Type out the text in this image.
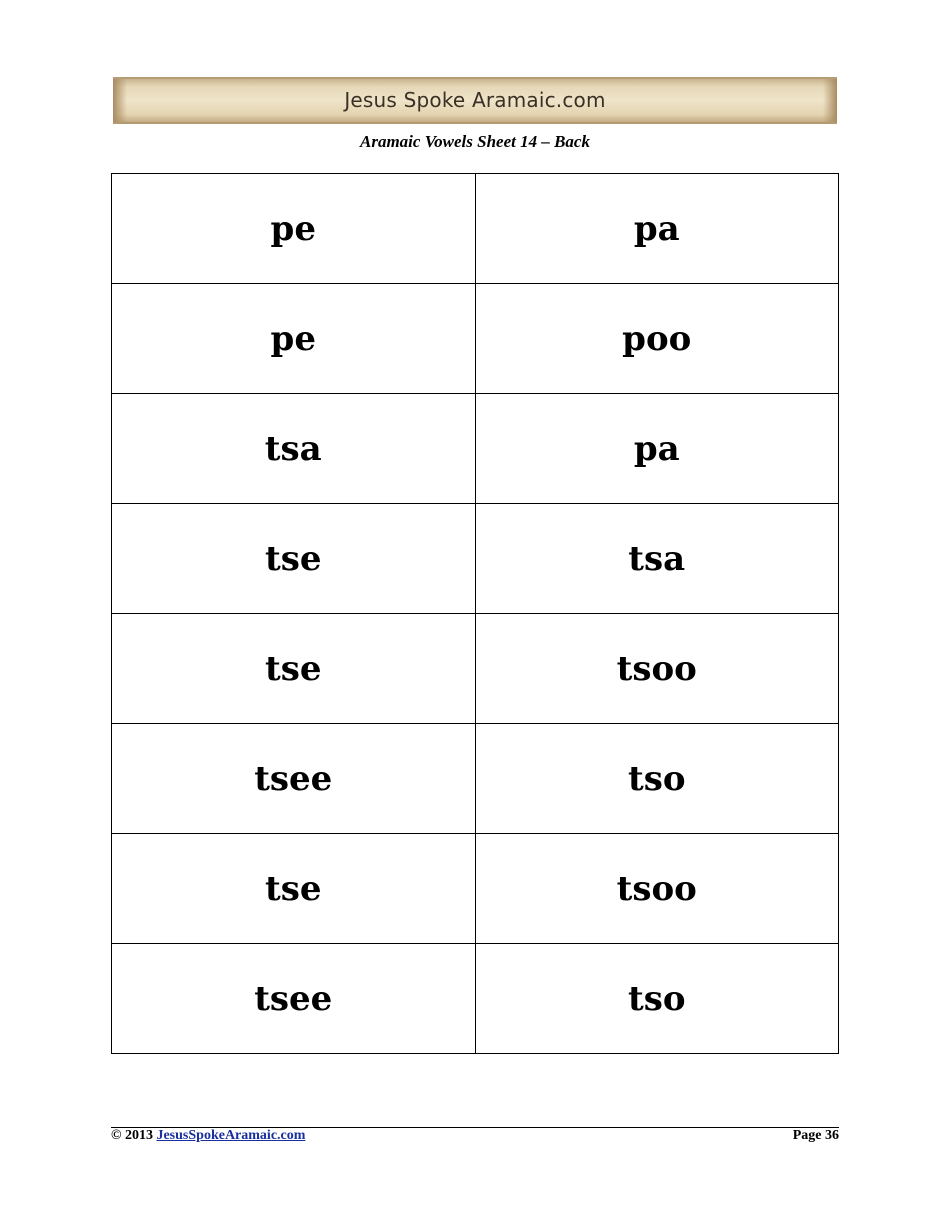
Jesus Spoke Aramaic.com
Aramaic Vowels Sheet 14 – Back
pe	pa
pe	poo
tsa	pa
tse	tsa
tse	tsoo
tsee	tso
tse	tsoo
tsee	tso
© 2013 JesusSpokeAramaic.com	Page 36
